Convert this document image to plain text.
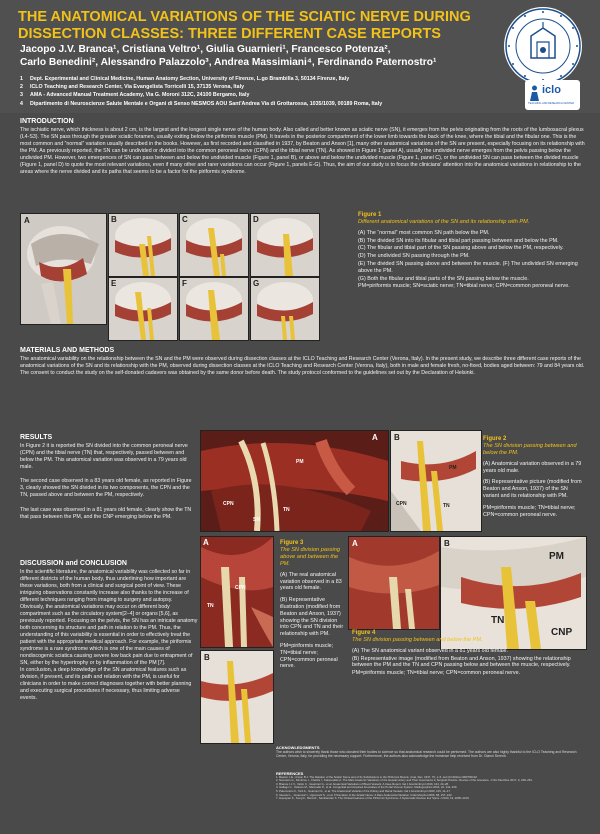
THE ANATOMICAL VARIATIONS OF THE SCIATIC NERVE DURING DISSECTION CLASSES: THREE DIFFERENT CASE REPORTS
Jacopo J.V. Branca¹, Cristiana Veltro¹, Giulia Guarnieri¹, Francesco Potenza²,
Carlo Benedini², Alessandro Palazzolo³, Andrea Massimiani⁴, Ferdinando Paternostro¹
1 Dept. Experimental and Clinical Medicine, Human Anatomy Section, University of Firenze, L.go Brambilla 3, 50134 Firenze, Italy
2 ICLO Teaching and Research Center, Via Evangelista Torricelli 15, 37135 Verona, Italy
3 AMA - Advanced Manual Treatment Academy, Via G. Moroni 312C, 24100 Bergamo, Italy
4 Dipartimento di Neuroscienze Salute Mentale e Organi di Senso NESMOS AOU Sant'Andrea Via di Grottarossa, 1035/1039, 00189 Roma, Italy
iclo
TEACHING AND RESEARCH CENTER
INTRODUCTION
The ischiatic nerve, which thickness is about 2 cm, is the largest and the longest single nerve of the human body. Also called and better known as sciatic nerve (SN), it emerges from the pelvis originating from the roots of the lumbosacral plexus (L4-S3). The SN pass through the greater sciatic foramen, usually exiting below the piriformis muscle (PM). It travels in the posterior compartment of the lower limb towards the back of the knee, where the tibial and the fibular one. This is the most common and “normal” variation usually described in the books. However, as first recorded and classified in 1937, by Beaton and Anson [1], many other anatomical variations of the SN are present, especially focusing on its relationship with the PM. As previously reported, the SN can be undivided or divided into the common peroneal nerve (CPN) and the tibial nerve (TN). As showed in Figure 1 (panel A), usually the undivided nerve emerges from the pelvis passing below the undivided PM. However, two emergences of SN can pass between and below the undivided muscle (Figure 1, panel B), or above and below the undivided muscle (Figure 1, panel C), or the undivided SN can pass between the divided muscle (Figure 1, panel D) to quote the most relevant variations, even if many other and rarer variations can occur (Figure 1, panels E-G). Thus, the aim of our study is to focus the clinicians' attention into the anatomical variations in relationship to the areas where the nerve divided and its paths that seems to be a factor for the piriformis syndrome.
A	B	C	D
E	F	G
Figure 1
Different anatomical variations of the SN and its relationship with PM.
(A) The “normal” most common SN path below the PM.
(B) The divided SN into its fibular and tibial part passing between and below the PM.
(C) The fibular and tibial part of the SN passing above and below the PM, respectively.
(D) The undivided SN passing through the PM.
(E) The divided SN passing above and between the muscle. (F) The undivided SN emerging above the PM.
(G) Both the fibular and tibial parts of the SN passing below the muscle.
PM=piriformis muscle; SN=sciatic nerve; TN=tibial nerve; CPN=common peroneal nerve.
MATERIALS AND METHODS
The anatomical variability on the relationship between the SN and the PM were observed during dissection classes at the ICLO Teaching and Research Center (Verona, Italy). In the present study, we describe three different case reports of the anatomical variations of the SN and its relationship with the PM, observed during dissection classes at the ICLO Teaching and Research Center (Verona, Italy), both in male and female fresh, no-fixed, bodies aged between: 79 and 84 years old. The consent to conduct the study on the self-donated cadavers was obtained by the same donor before death. The study protocol conformed to the guidelines set out by the Declaration of Helsinki.
RESULTS

In Figure 2 it is reported the SN divided into the common peroneal nerve (CPN) and the tibial nerve (TN) that, respectively, passed between and below the PM. This anatomical variation was observed in a 79 years old male.

The second case observed in a 83 years old female, as reported in Figure 3, clearly showed the SN divided in its two components, the CPN and the TN, passed above and between the PM, respectively.

The last case was observed in a 81 years old female, clearly show the TN that pass between the PM, and the CNP emerging below the PM.

A
PM
CPN
TN
SN
B
PM
CPN	TN
Figure 2
The SN division passing between and below the PM.
(A) Anatomical variation observed in a 79 years old male.
(B) Representative picture (modified from Beaton and Anson, 1937) of the SN variant and its relationship with PM.
PM=piriformis muscle; TN=tibial nerve; CPN=common peroneal nerve.
DISCUSSION and CONCLUSION

In the scientific literature, the anatomical variability was collected so far in different districts of the human body, thus underlining how important are these variations, both from a clinical and surgical point of view. These intriguing observations constantly increase also thanks to the increase of different techniques ranging from imaging to surgery and autopsy.

Obviously, the anatomical variations may occur on different body compartment such as the circulatory system[2–4] or organs [5,6], as previously reported. Focusing on the pelvis, the SN has an intricate anatomy both concerning its structure and path in relation to the PM. Thus, the understanding of this variability is essential in order to effectively treat the patient with the appropriate medical approach. For example, the piriformis syndrome is a rare syndrome which is one of the main causes of nondiscogenic sciatica causing severe low back pain due to entrapment of SN, either by the hypertrophy or by inflammation of the PM [7].

In conclusion, a deep knowledge of the SN anatomical features such as division, if present, and its path and relation with the PM, is useful for clinicians in order to make correct diagnoses together with better planning and executing surgical procedures if necessary, thus limiting adverse events.

A
CPN
TN
B
Figure 3
The SN division passing above and between the PM.
(A) The real anatomical variation observed in a 83 years old female.
(B) Representative illustration (modified from Beaton and Anson, 1937) showing the SN division into CPN and TN and their relationship with PM.
PM=piriformis muscle; TN=tibial nerve; CPN=common peroneal nerve.
A	B
PM
TN
CNP
Figure 4
The SN division passing between and below the PM.
(A) The SN anatomical variant observed in a 81 years old female.
(B) Representative image (modified from Beaton and Anson, 1937) showing the relationship between the PM and the TN and CPN passing below and between the muscle, respectively.
PM=piriformis muscle; TN=tibial nerve; CPN=common peroneal nerve.
ACKNOWLEDGMENTS
The authors wish to sincerely thank those who donated their bodies to science so that anatomical research could be performed. The authors are also highly thankful to the ICLO Teaching and Research Center, Verona, Italy, for providing the necessary support. Furthermore, the authors also acknowledge the immense help received from Dr. Gianni Serenti.
REFERENCES
1. Beaton L.E., Anson B.J. The Relation of the Sciatic Nerve and of Its Subdivisions to the Piriformis Muscle. Anat. Rec. 1937, 70, 1–5, doi:10.1002/ar.1090700102.
2. Noussios G., Dimitriou I., Chatzis I., Katsourakis A. The Main Anatomic Variations of the Hepatic Artery and Their Importance in Surgical Practice: Review of the Literature. J Clin Med Res 2017, 9, 248–252.
3. Branca J.J.V., Veltro C., Guarnieri G., et al. Anatomical Variations of Blood Vessels: A Case Report. Ital J Anat Embryol 2019, 124, 23–28.
4. Gallego C., Velasco M., Marcuello P., et al. Congenital and Acquired Anomalies of the Portal Venous System. Radiographics 2002, 22, 141–159.
5. Paternostro F., Tani A., Guarnieri G., et al. The Anatomical Variants of the Kidney and Renal Vessels. Ital J Anat Embryol 2020, 125, 11–17.
6. Vasović L., Jovanović I., Ugrenović S., et al. Trifurcation of the Sciatic Nerve: A Rare Anatomical Variation. Folia Morphol 2009, 68, 157–162.
7. Hopayian K., Song F., Riera R., Sambandan S. The Clinical Features of the Piriformis Syndrome: A Systematic Review. Eur Spine J 2010, 19, 2095–2109.
